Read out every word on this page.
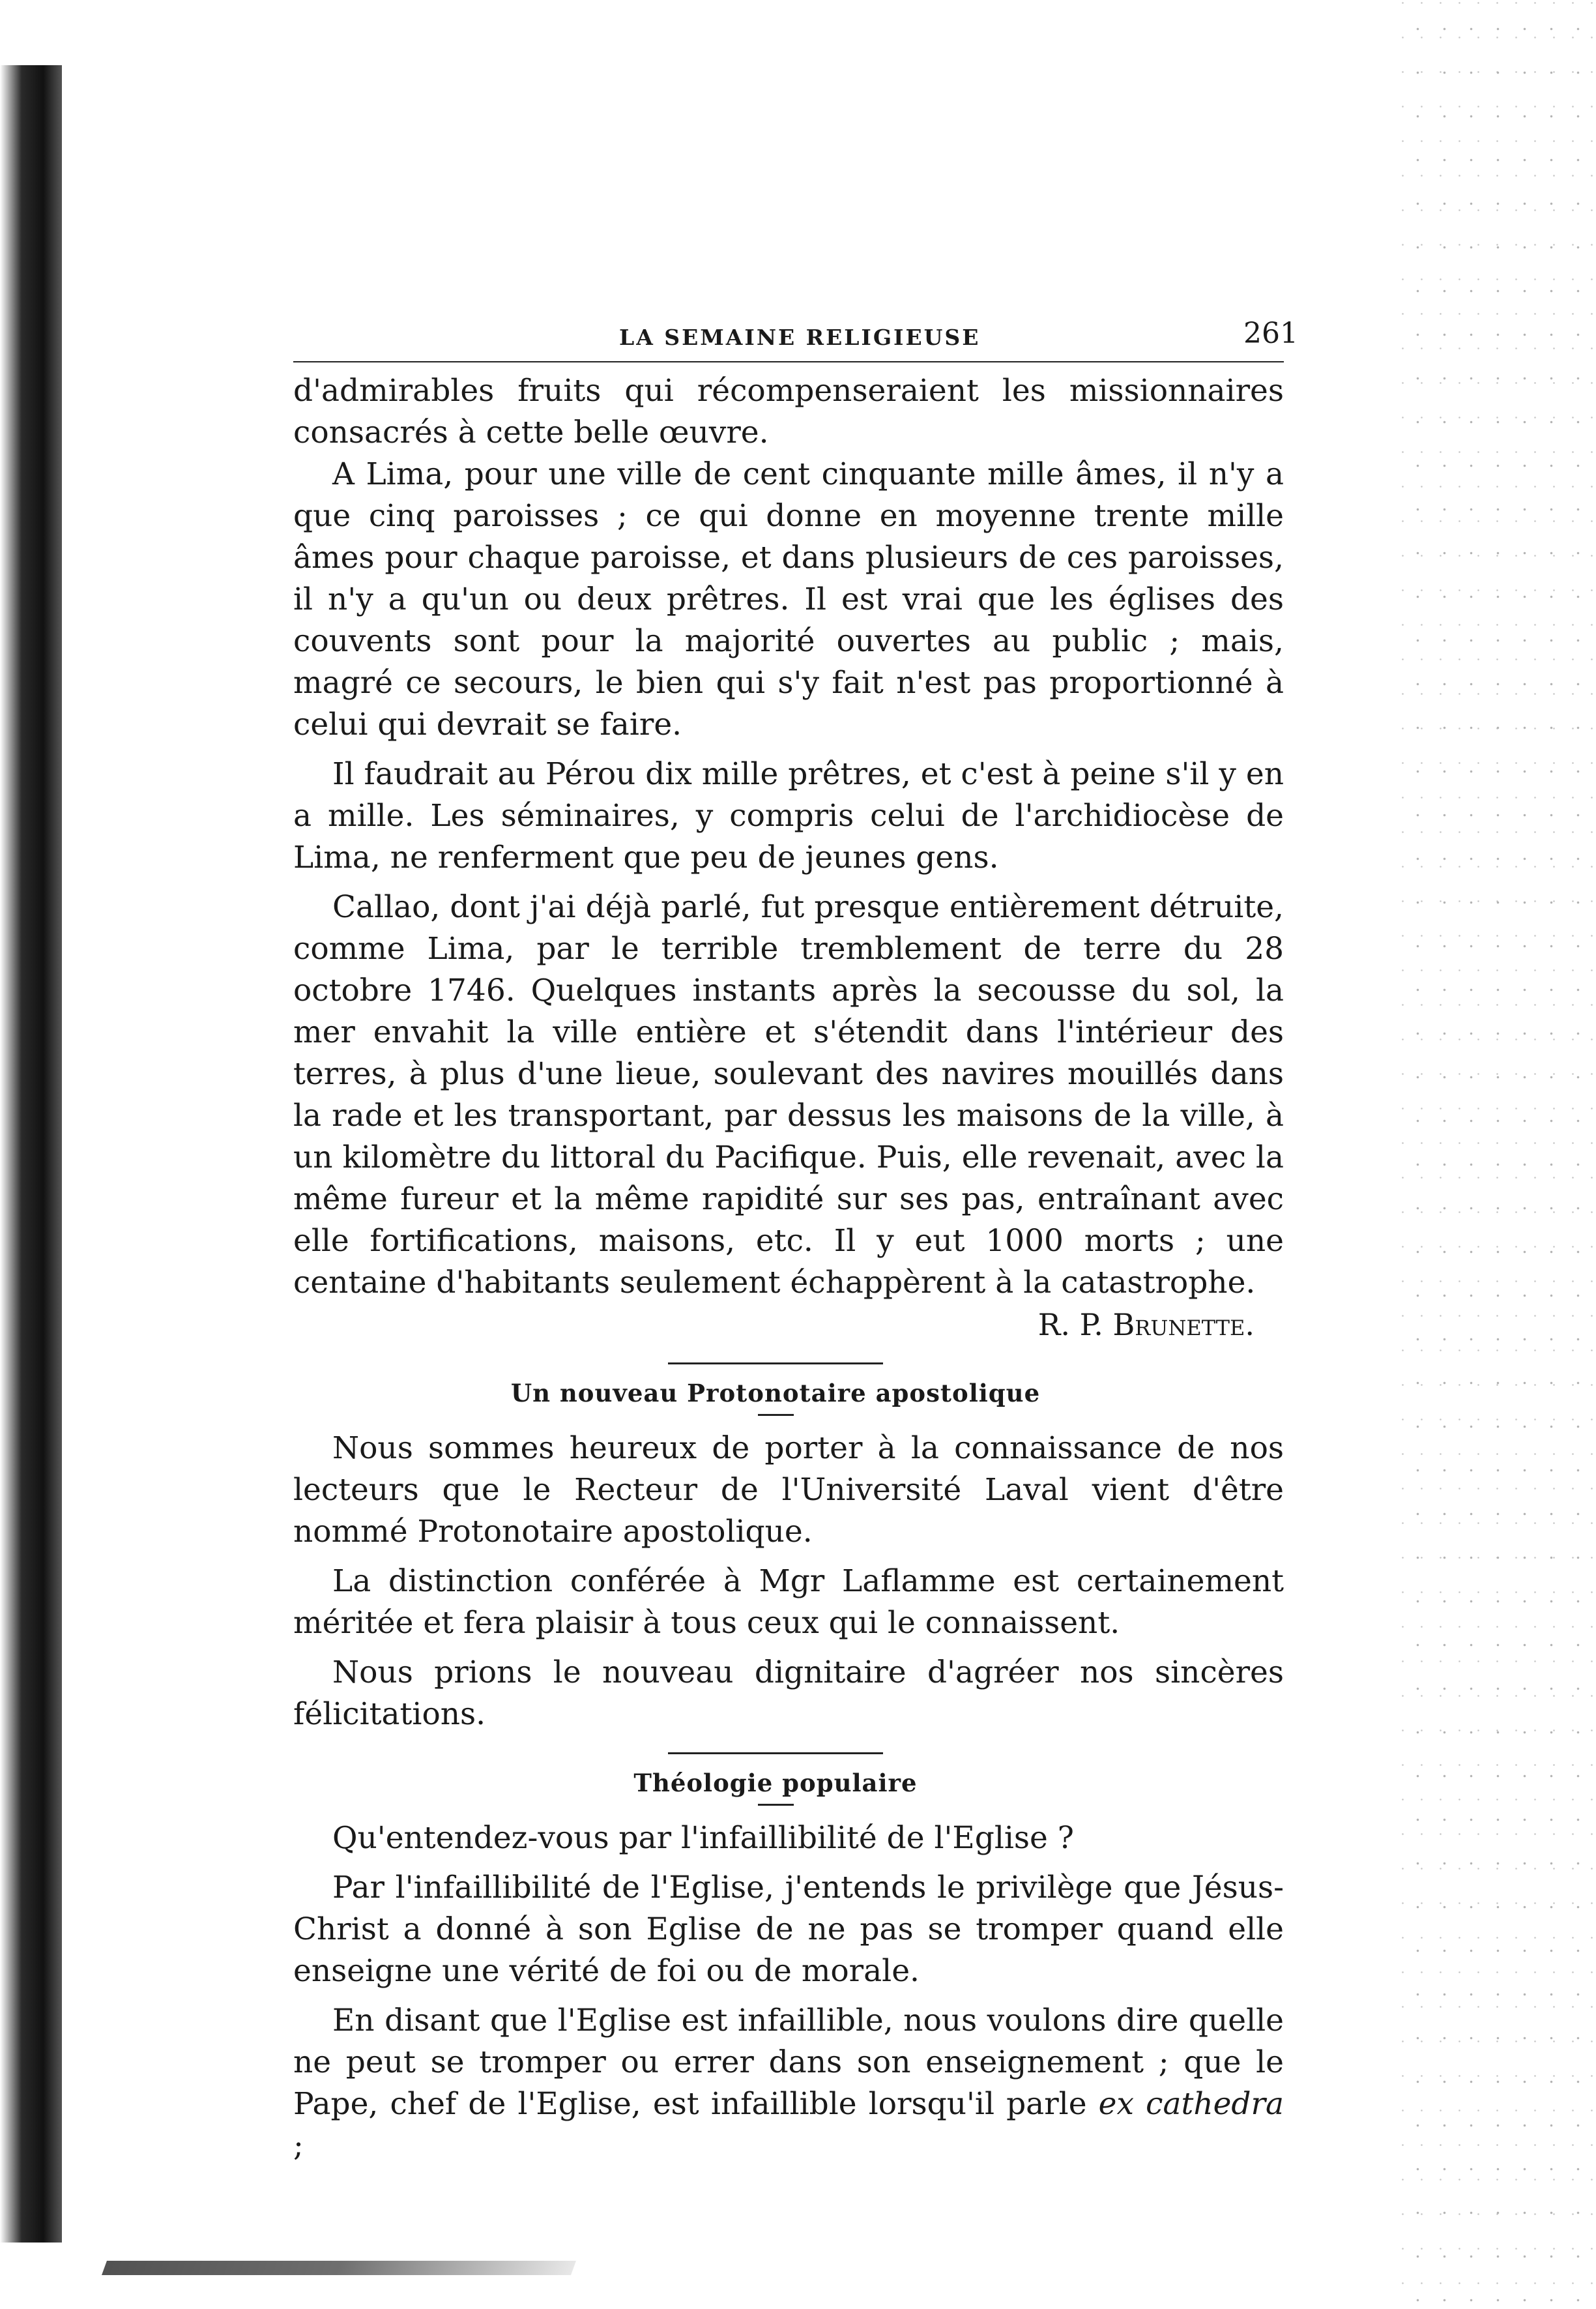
LA SEMAINE RELIGIEUSE	261

d'admirables fruits qui récompenseraient les missionnaires consacrés à cette belle œuvre.

A Lima, pour une ville de cent cinquante mille âmes, il n'y a que cinq paroisses ; ce qui donne en moyenne trente mille âmes pour chaque paroisse, et dans plusieurs de ces paroisses, il n'y a qu'un ou deux prêtres. Il est vrai que les églises des couvents sont pour la majorité ouvertes au public ; mais, magré ce secours, le bien qui s'y fait n'est pas proportionné à celui qui devrait se faire.

Il faudrait au Pérou dix mille prêtres, et c'est à peine s'il y en a mille. Les séminaires, y compris celui de l'archidiocèse de Lima, ne renferment que peu de jeunes gens.

Callao, dont j'ai déjà parlé, fut presque entièrement détruite, comme Lima, par le terrible tremblement de terre du 28 octobre 1746. Quelques instants après la secousse du sol, la mer envahit la ville entière et s'étendit dans l'intérieur des terres, à plus d'une lieue, soulevant des navires mouillés dans la rade et les transportant, par dessus les maisons de la ville, à un kilomètre du littoral du Pacifique. Puis, elle revenait, avec la même fureur et la même rapidité sur ses pas, entraînant avec elle fortifications, maisons, etc. Il y eut 1000 morts ; une centaine d'habitants seulement échappèrent à la catastrophe.

R. P. Brunette.
Un nouveau Protonotaire apostolique

Nous sommes heureux de porter à la connaissance de nos lecteurs que le Recteur de l'Université Laval vient d'être nommé Protonotaire apostolique.

La distinction conférée à Mgr Laflamme est certainement méritée et fera plaisir à tous ceux qui le connaissent.

Nous prions le nouveau dignitaire d'agréer nos sincères félicitations.

Théologie populaire

Qu'entendez-vous par l'infaillibilité de l'Eglise ?

Par l'infaillibilité de l'Eglise, j'entends le privilège que Jésus-Christ a donné à son Eglise de ne pas se tromper quand elle enseigne une vérité de foi ou de morale.

En disant que l'Eglise est infaillible, nous voulons dire quelle ne peut se tromper ou errer dans son enseignement ; que le Pape, chef de l'Eglise, est infaillible lorsqu'il parle ex cathedra ;
